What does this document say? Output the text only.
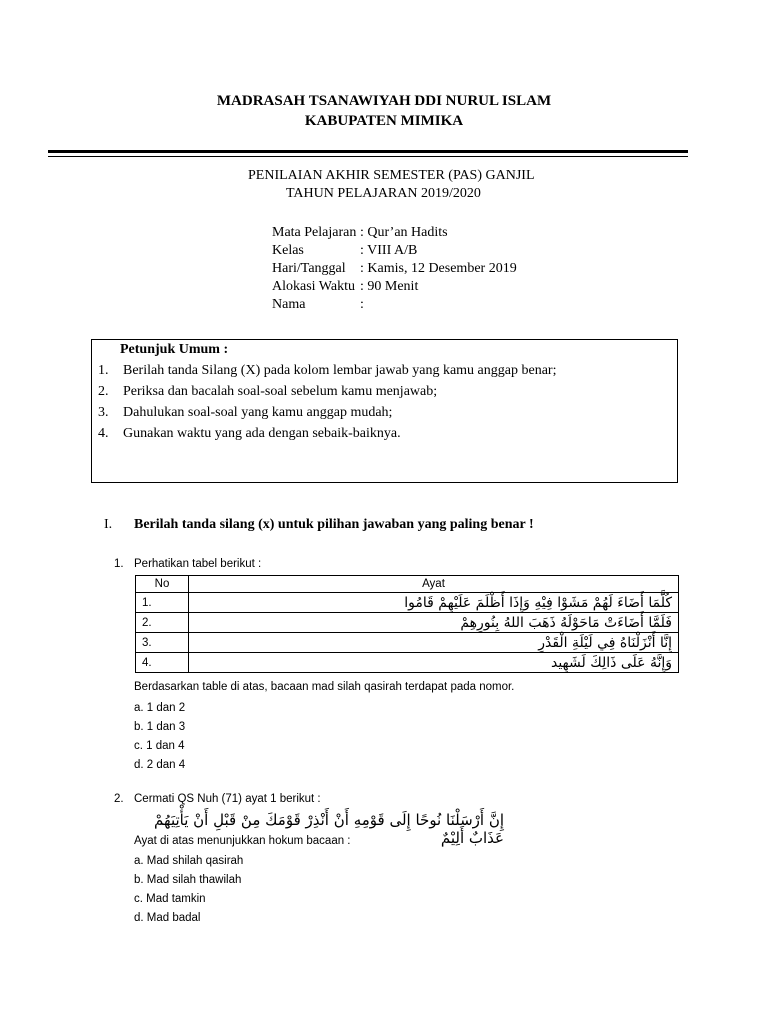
MADRASAH TSANAWIYAH DDI NURUL ISLAM
KABUPATEN MIMIKA
PENILAIAN AKHIR SEMESTER (PAS) GANJIL
TAHUN PELAJARAN 2019/2020
Mata Pelajaran : Qur’an Hadits
Kelas	: VIII A/B
Hari/Tanggal	: Kamis, 12 Desember 2019
Alokasi Waktu : 90 Menit
Nama	:
Petunjuk Umum :
1.	Berilah tanda Silang (X) pada kolom lembar jawab yang kamu anggap benar;
2.	Periksa dan bacalah soal-soal sebelum kamu menjawab;
3.	Dahulukan soal-soal yang kamu anggap mudah;
4.	Gunakan waktu yang ada dengan sebaik-baiknya.
I.	Berilah tanda silang (x) untuk pilihan jawaban yang paling benar !
1. Perhatikan tabel berikut :
No	Ayat
1.	كُلَّمَا أَضَاءَ لَهُمْ مَشَوْا فِيْهِ وَإِذَا أَظْلَمَ عَلَيْهِمْ قَامُوا
2.	فَلَمَّا أَضَاءَتْ مَاحَوْلَهُ ذَهَبَ اللهُ بِنُورِهِمْ
3.	إِنَّا أَنْزَلْنَاهُ فِي لَيْلَةِ الْقَدْرِ
4.	وَإِنَّهُ عَلَى ذَالِكَ لَشَهِيد
Berdasarkan table di atas, bacaan mad silah qasirah terdapat pada nomor.
a. 1 dan 2
b. 1 dan 3
c. 1 dan 4
d. 2 dan 4
2. Cermati QS Nuh (71) ayat 1 berikut :
إِنَّ أَرْسَلْنَا نُوحًا إِلَى قَوْمِهِ أَنْ أَنْذِرْ قَوْمَكَ مِنْ قَبْلِ أَنْ يَأْتِيَهُمْ عَذَابٌ أَلِيْمٌ
Ayat di atas menunjukkan hokum bacaan :
a. Mad shilah qasirah
b. Mad silah thawilah
c. Mad tamkin
d. Mad badal
